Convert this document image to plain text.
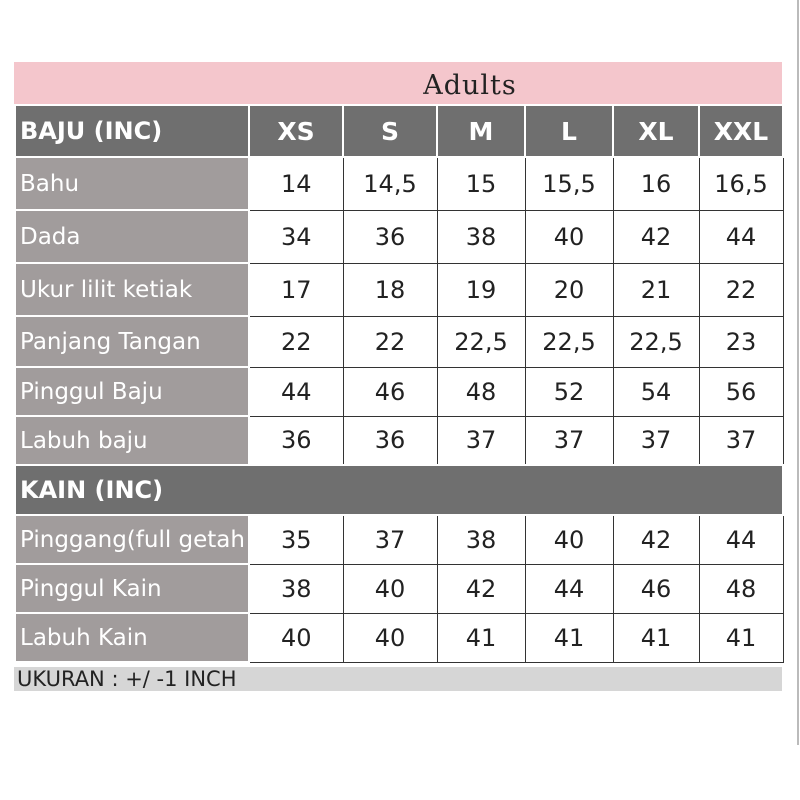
Adults
BAJU (INC)	XS	S	M	L	XL	XXL
Bahu	14	14,5	15	15,5	16	16,5
Dada	34	36	38	40	42	44
Ukur lilit ketiak	17	18	19	20	21	22
Panjang Tangan	22	22	22,5	22,5	22,5	23
Pinggul Baju	44	46	48	52	54	56
Labuh baju	36	36	37	37	37	37
KAIN (INC)						
Pinggang(full getah	35	37	38	40	42	44
Pinggul Kain	38	40	42	44	46	48
Labuh Kain	40	40	41	41	41	41
UKURAN : +/ -1 INCH
